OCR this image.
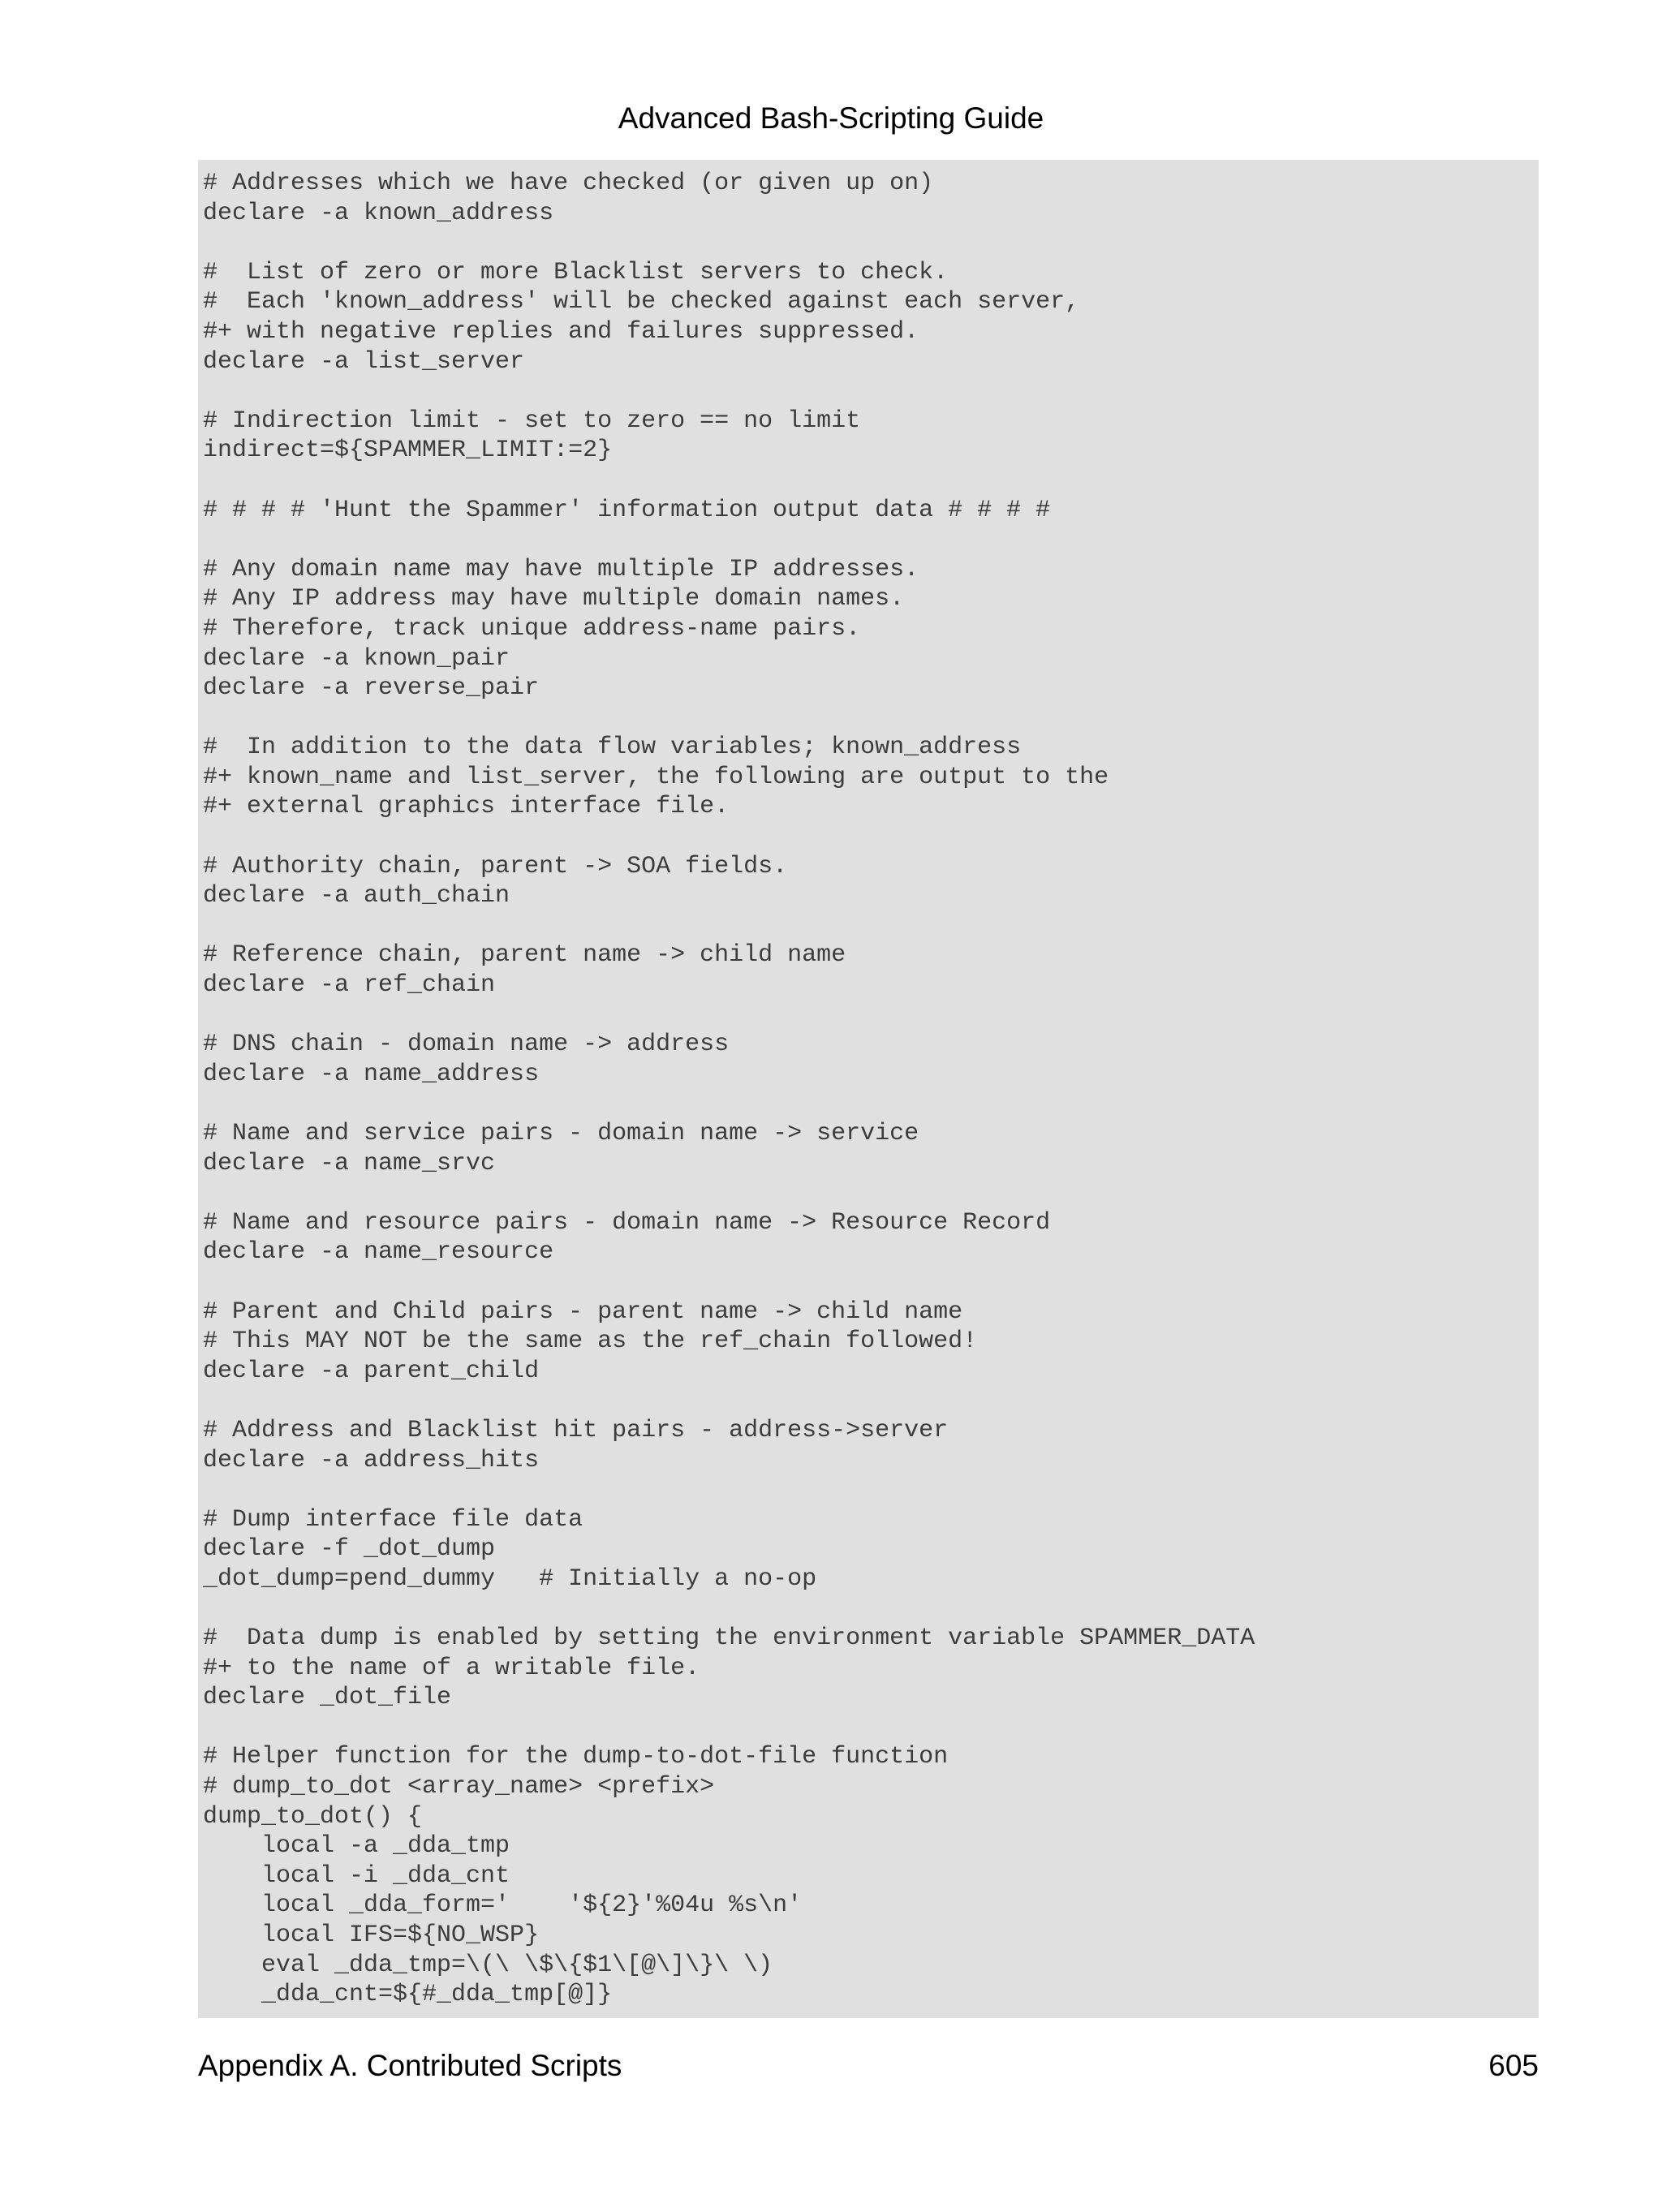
Advanced Bash-Scripting Guide
# Addresses which we have checked (or given up on)
declare -a known_address
#  List of zero or more Blacklist servers to check.
#  Each 'known_address' will be checked against each server,
#+ with negative replies and failures suppressed.
declare -a list_server
# Indirection limit - set to zero == no limit
indirect=${SPAMMER_LIMIT:=2}
# # # # 'Hunt the Spammer' information output data # # # #
# Any domain name may have multiple IP addresses.
# Any IP address may have multiple domain names.
# Therefore, track unique address-name pairs.
declare -a known_pair
declare -a reverse_pair
#  In addition to the data flow variables; known_address
#+ known_name and list_server, the following are output to the
#+ external graphics interface file.
# Authority chain, parent -> SOA fields.
declare -a auth_chain
# Reference chain, parent name -> child name
declare -a ref_chain
# DNS chain - domain name -> address
declare -a name_address
# Name and service pairs - domain name -> service
declare -a name_srvc
# Name and resource pairs - domain name -> Resource Record
declare -a name_resource
# Parent and Child pairs - parent name -> child name
# This MAY NOT be the same as the ref_chain followed!
declare -a parent_child
# Address and Blacklist hit pairs - address->server
declare -a address_hits
# Dump interface file data
declare -f _dot_dump
_dot_dump=pend_dummy   # Initially a no-op
#  Data dump is enabled by setting the environment variable SPAMMER_DATA
#+ to the name of a writable file.
declare _dot_file
# Helper function for the dump-to-dot-file function
# dump_to_dot <array_name> <prefix>
dump_to_dot() {
local -a _dda_tmp
local -i _dda_cnt
local _dda_form='    '${2}'%04u %s\n'
local IFS=${NO_WSP}
eval _dda_tmp=\(\ \$\{$1\[@\]\}\ \)
_dda_cnt=${#_dda_tmp[@]}
Appendix A. Contributed Scripts	605
